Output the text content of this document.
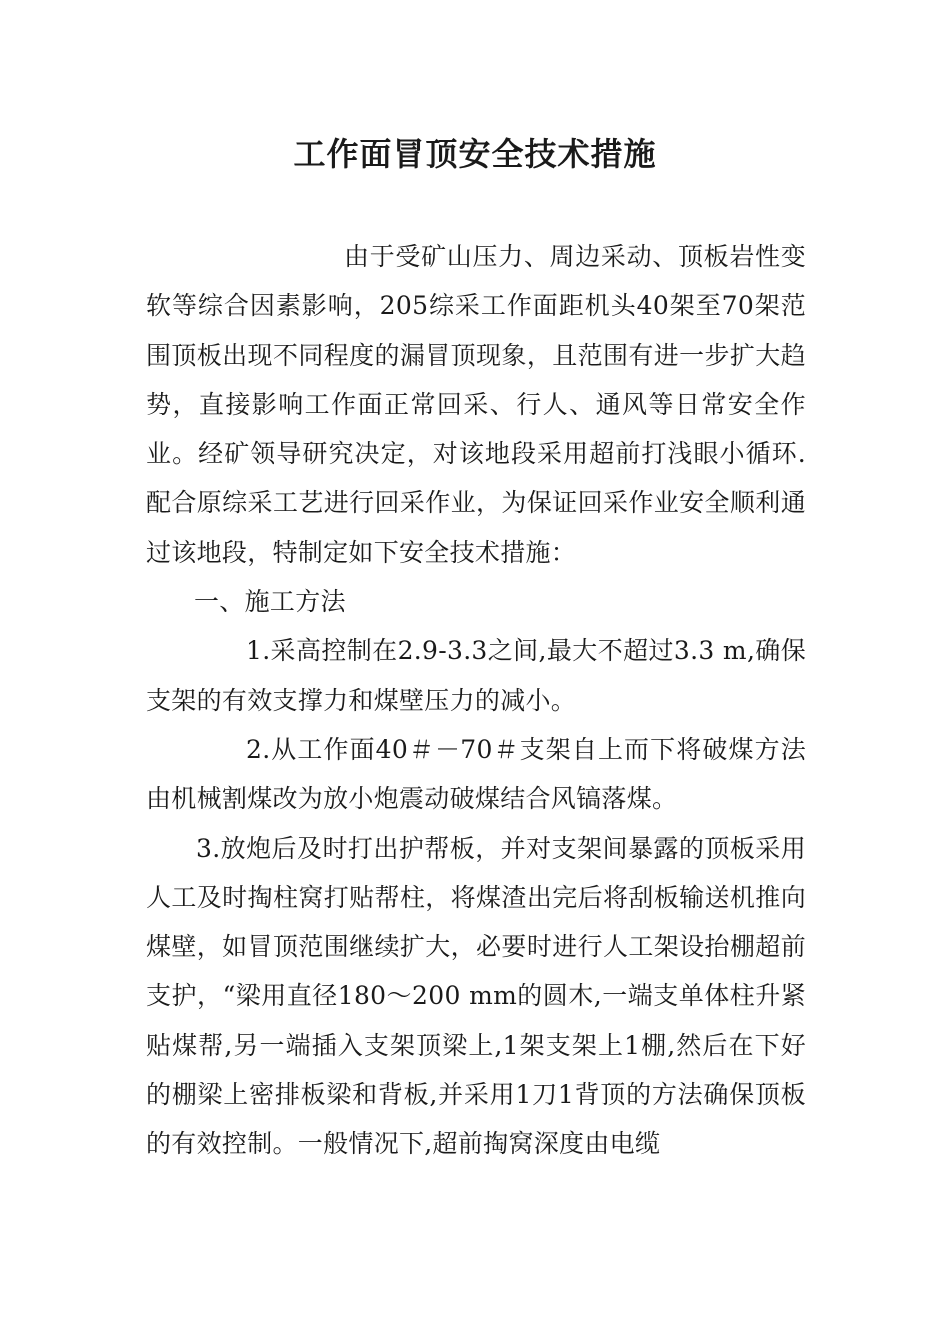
工作面冒顶安全技术措施

由于受矿山压力、周边采动、顶板岩性变软等综合因素影响，205综采工作面距机头40架至70架范围顶板出现不同程度的漏冒顶现象，且范围有进一步扩大趋势，直接影响工作面正常回采、行人、通风等日常安全作业。经矿领导研究决定，对该地段采用超前打浅眼小循环.配合原综采工艺进行回采作业，为保证回采作业安全顺利通过该地段，特制定如下安全技术措施：

一、施工方法

1.采高控制在2.9-3.3之间,最大不超过3.3 m,确保支架的有效支撑力和煤壁压力的减小。

2.从工作面40＃－70＃支架自上而下将破煤方法由机械割煤改为放小炮震动破煤结合风镐落煤。

3.放炮后及时打出护帮板，并对支架间暴露的顶板采用人工及时掏柱窝打贴帮柱，将煤渣出完后将刮板输送机推向煤壁，如冒顶范围继续扩大，必要时进行人工架设抬棚超前支护，“梁用直径180～200 mm的圆木,一端支单体柱升紧贴煤帮,另一端插入支架顶梁上,1架支架上1棚,然后在下好的棚梁上密排板梁和背板,并采用1刀1背顶的方法确保顶板的有效控制。一般情况下,超前掏窝深度由电缆
